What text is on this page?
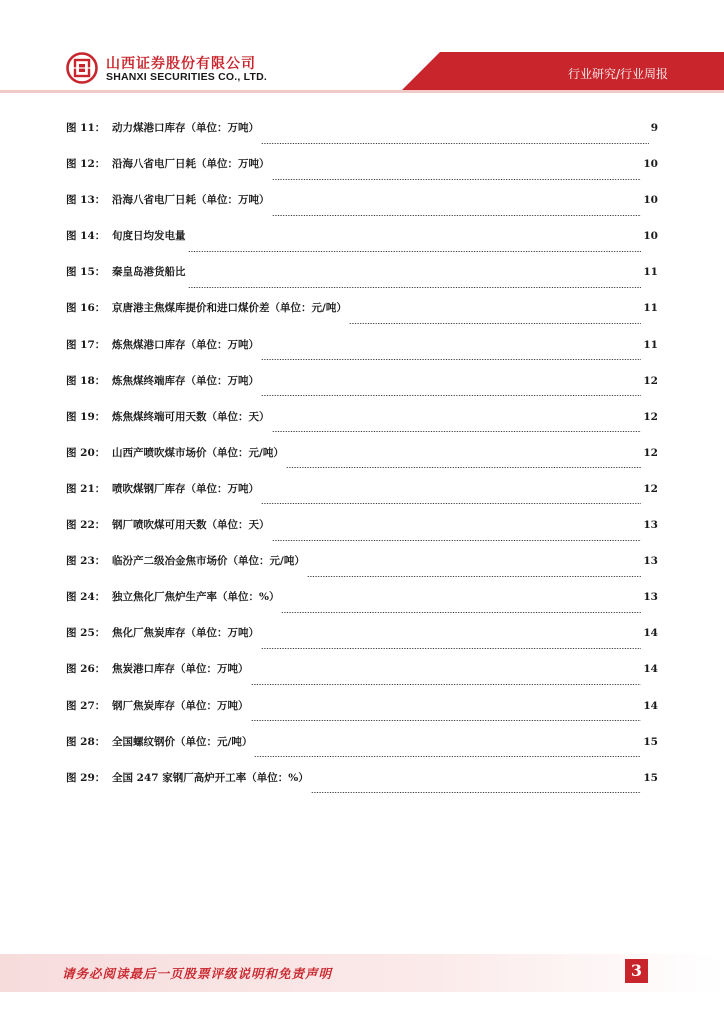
山西证券股份有限公司
SHANXI SECURITIES CO., LTD.	行业研究/行业周报
图 11： 动力煤港口库存（单位：万吨）	9
图 12： 沿海八省电厂日耗（单位：万吨）	10
图 13： 沿海八省电厂日耗（单位：万吨）	10
图 14： 旬度日均发电量	10
图 15： 秦皇岛港货船比	11
图 16： 京唐港主焦煤库提价和进口煤价差（单位：元/吨）	11
图 17： 炼焦煤港口库存（单位：万吨）	11
图 18： 炼焦煤终端库存（单位：万吨）	12
图 19： 炼焦煤终端可用天数（单位：天）	12
图 20： 山西产喷吹煤市场价（单位：元/吨）	12
图 21： 喷吹煤钢厂库存（单位：万吨）	12
图 22： 钢厂喷吹煤可用天数（单位：天）	13
图 23： 临汾产二级冶金焦市场价（单位：元/吨）	13
图 24： 独立焦化厂焦炉生产率（单位：%）	13
图 25： 焦化厂焦炭库存（单位：万吨）	14
图 26： 焦炭港口库存（单位：万吨）	14
图 27： 钢厂焦炭库存（单位：万吨）	14
图 28： 全国螺纹钢价（单位：元/吨）	15
图 29： 全国 247 家钢厂高炉开工率（单位：%）	15
请务必阅读最后一页股票评级说明和免责声明	3
